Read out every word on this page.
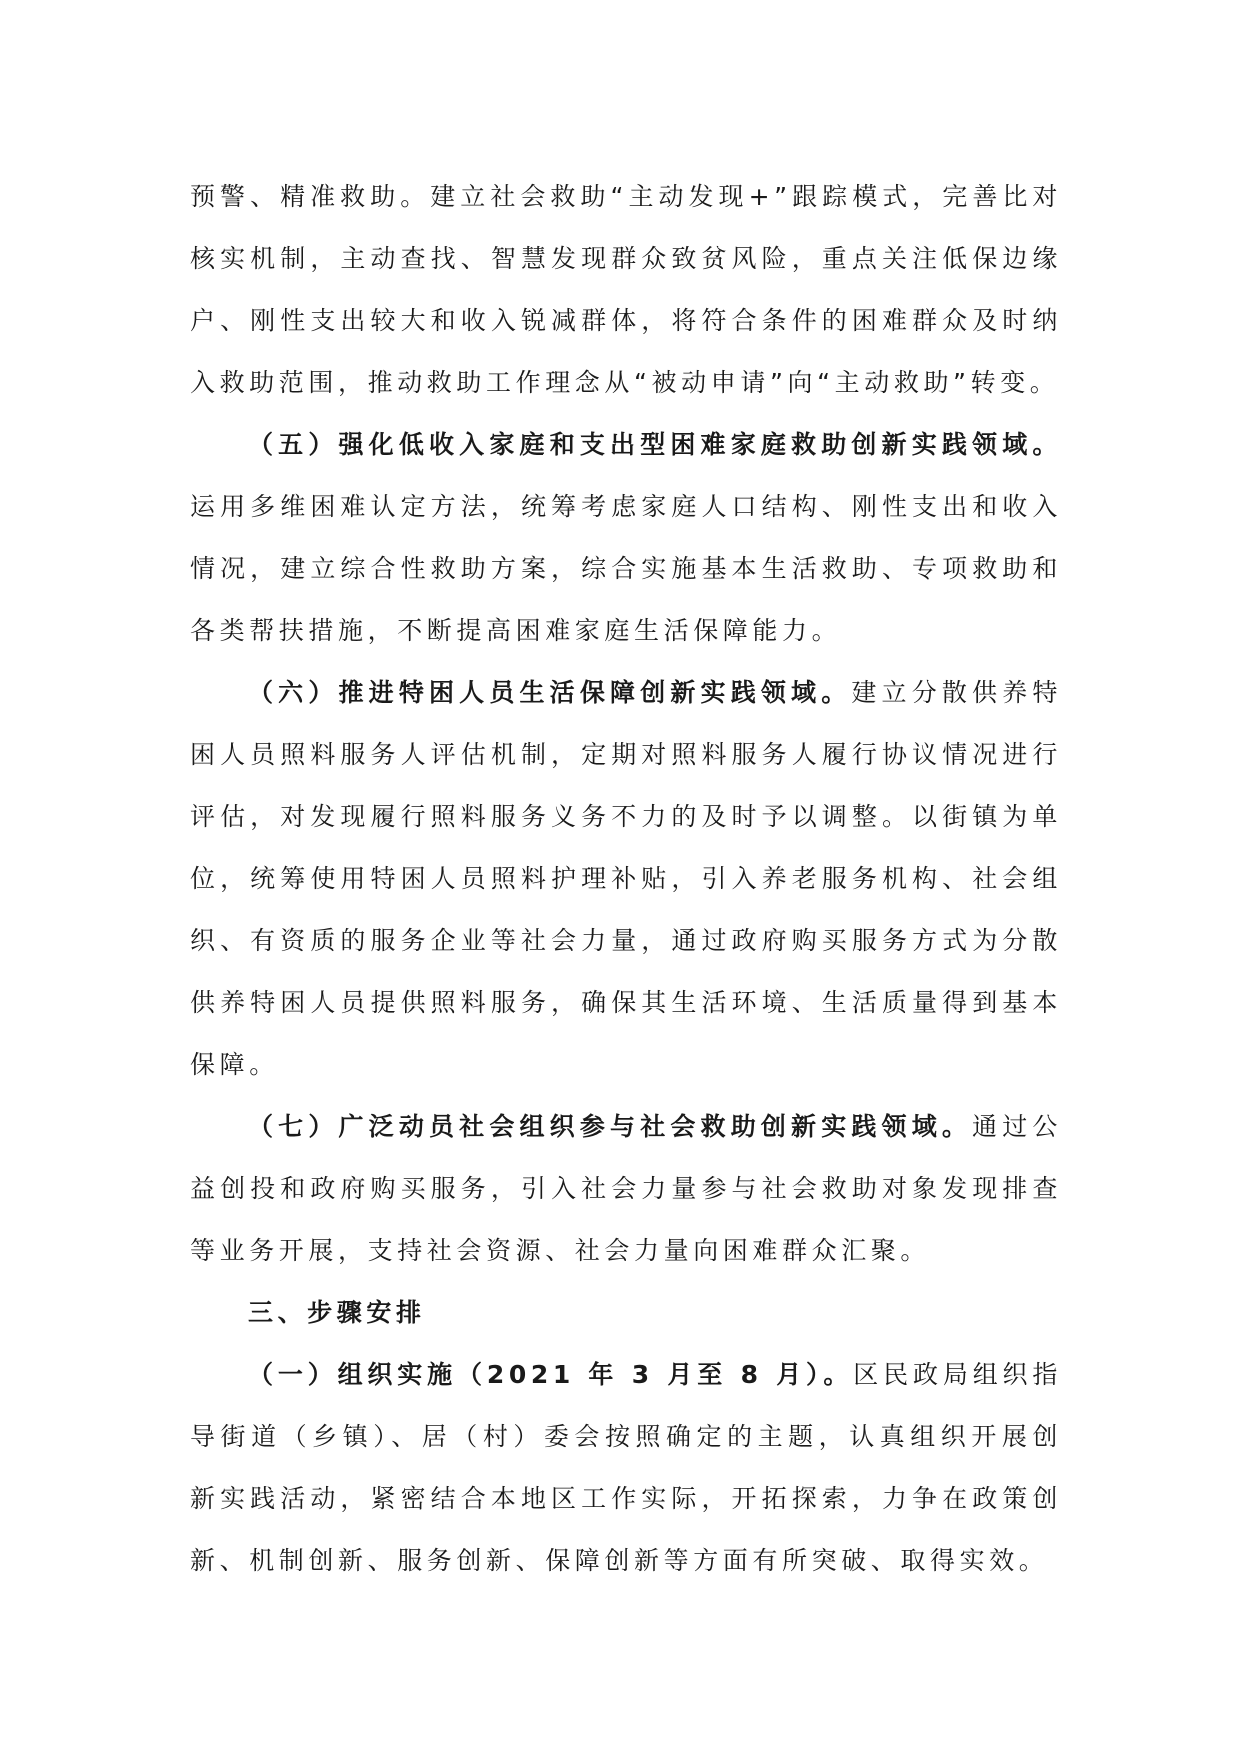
预警、精准救助。建立社会救助“主动发现+”跟踪模式，完善比对核实机制，主动查找、智慧发现群众致贫风险，重点关注低保边缘户、刚性支出较大和收入锐减群体，将符合条件的困难群众及时纳入救助范围，推动救助工作理念从“被动申请”向“主动救助”转变。

（五）强化低收入家庭和支出型困难家庭救助创新实践领域。运用多维困难认定方法，统筹考虑家庭人口结构、刚性支出和收入情况，建立综合性救助方案，综合实施基本生活救助、专项救助和各类帮扶措施，不断提高困难家庭生活保障能力。

（六）推进特困人员生活保障创新实践领域。建立分散供养特困人员照料服务人评估机制，定期对照料服务人履行协议情况进行评估，对发现履行照料服务义务不力的及时予以调整。以街镇为单位，统筹使用特困人员照料护理补贴，引入养老服务机构、社会组织、有资质的服务企业等社会力量，通过政府购买服务方式为分散供养特困人员提供照料服务，确保其生活环境、生活质量得到基本保障。

（七）广泛动员社会组织参与社会救助创新实践领域。通过公益创投和政府购买服务，引入社会力量参与社会救助对象发现排查等业务开展，支持社会资源、社会力量向困难群众汇聚。

三、步骤安排

（一）组织实施（2021 年 3 月至 8 月）。区民政局组织指导街道（乡镇）、居（村）委会按照确定的主题，认真组织开展创新实践活动，紧密结合本地区工作实际，开拓探索，力争在政策创新、机制创新、服务创新、保障创新等方面有所突破、取得实效。
